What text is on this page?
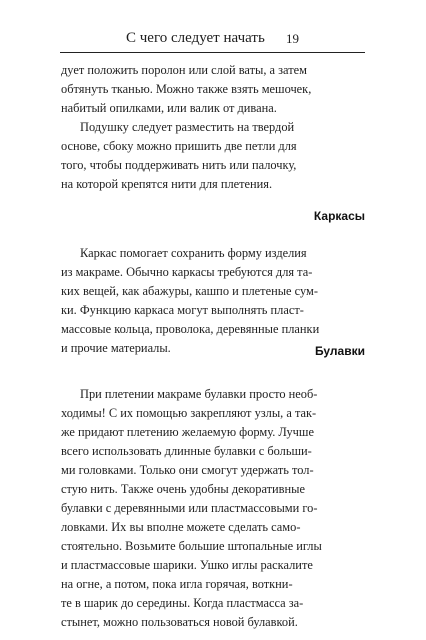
С чего следует начать 19
дует положить поролон или слой ваты, а затем
обтянуть тканью. Можно также взять мешочек,
набитый опилками, или валик от дивана.
Подушку следует разместить на твердой
основе, сбоку можно пришить две петли для
того, чтобы поддерживать нить или палочку,
на которой крепятся нити для плетения.
Каркасы
Каркас помогает сохранить форму изделия
из макраме. Обычно каркасы требуются для та-
ких вещей, как абажуры, кашпо и плетеные сум-
ки. Функцию каркаса могут выполнять пласт-
массовые кольца, проволока, деревянные планки
и прочие материалы.	Булавки
При плетении макраме булавки просто необ-
ходимы! С их помощью закрепляют узлы, а так-
же придают плетению желаемую форму. Лучше
всего использовать длинные булавки с больши-
ми головками. Только они смогут удержать тол-
стую нить. Также очень удобны декоративные
булавки с деревянными или пластмассовыми го-
ловками. Их вы вполне можете сделать само-
стоятельно. Возьмите большие штопальные иглы
и пластмассовые шарики. Ушко иглы раскалите
на огне, а потом, пока игла горячая, воткни-
те в шарик до середины. Когда пластмасса за-
стынет, можно пользоваться новой булавкой.
